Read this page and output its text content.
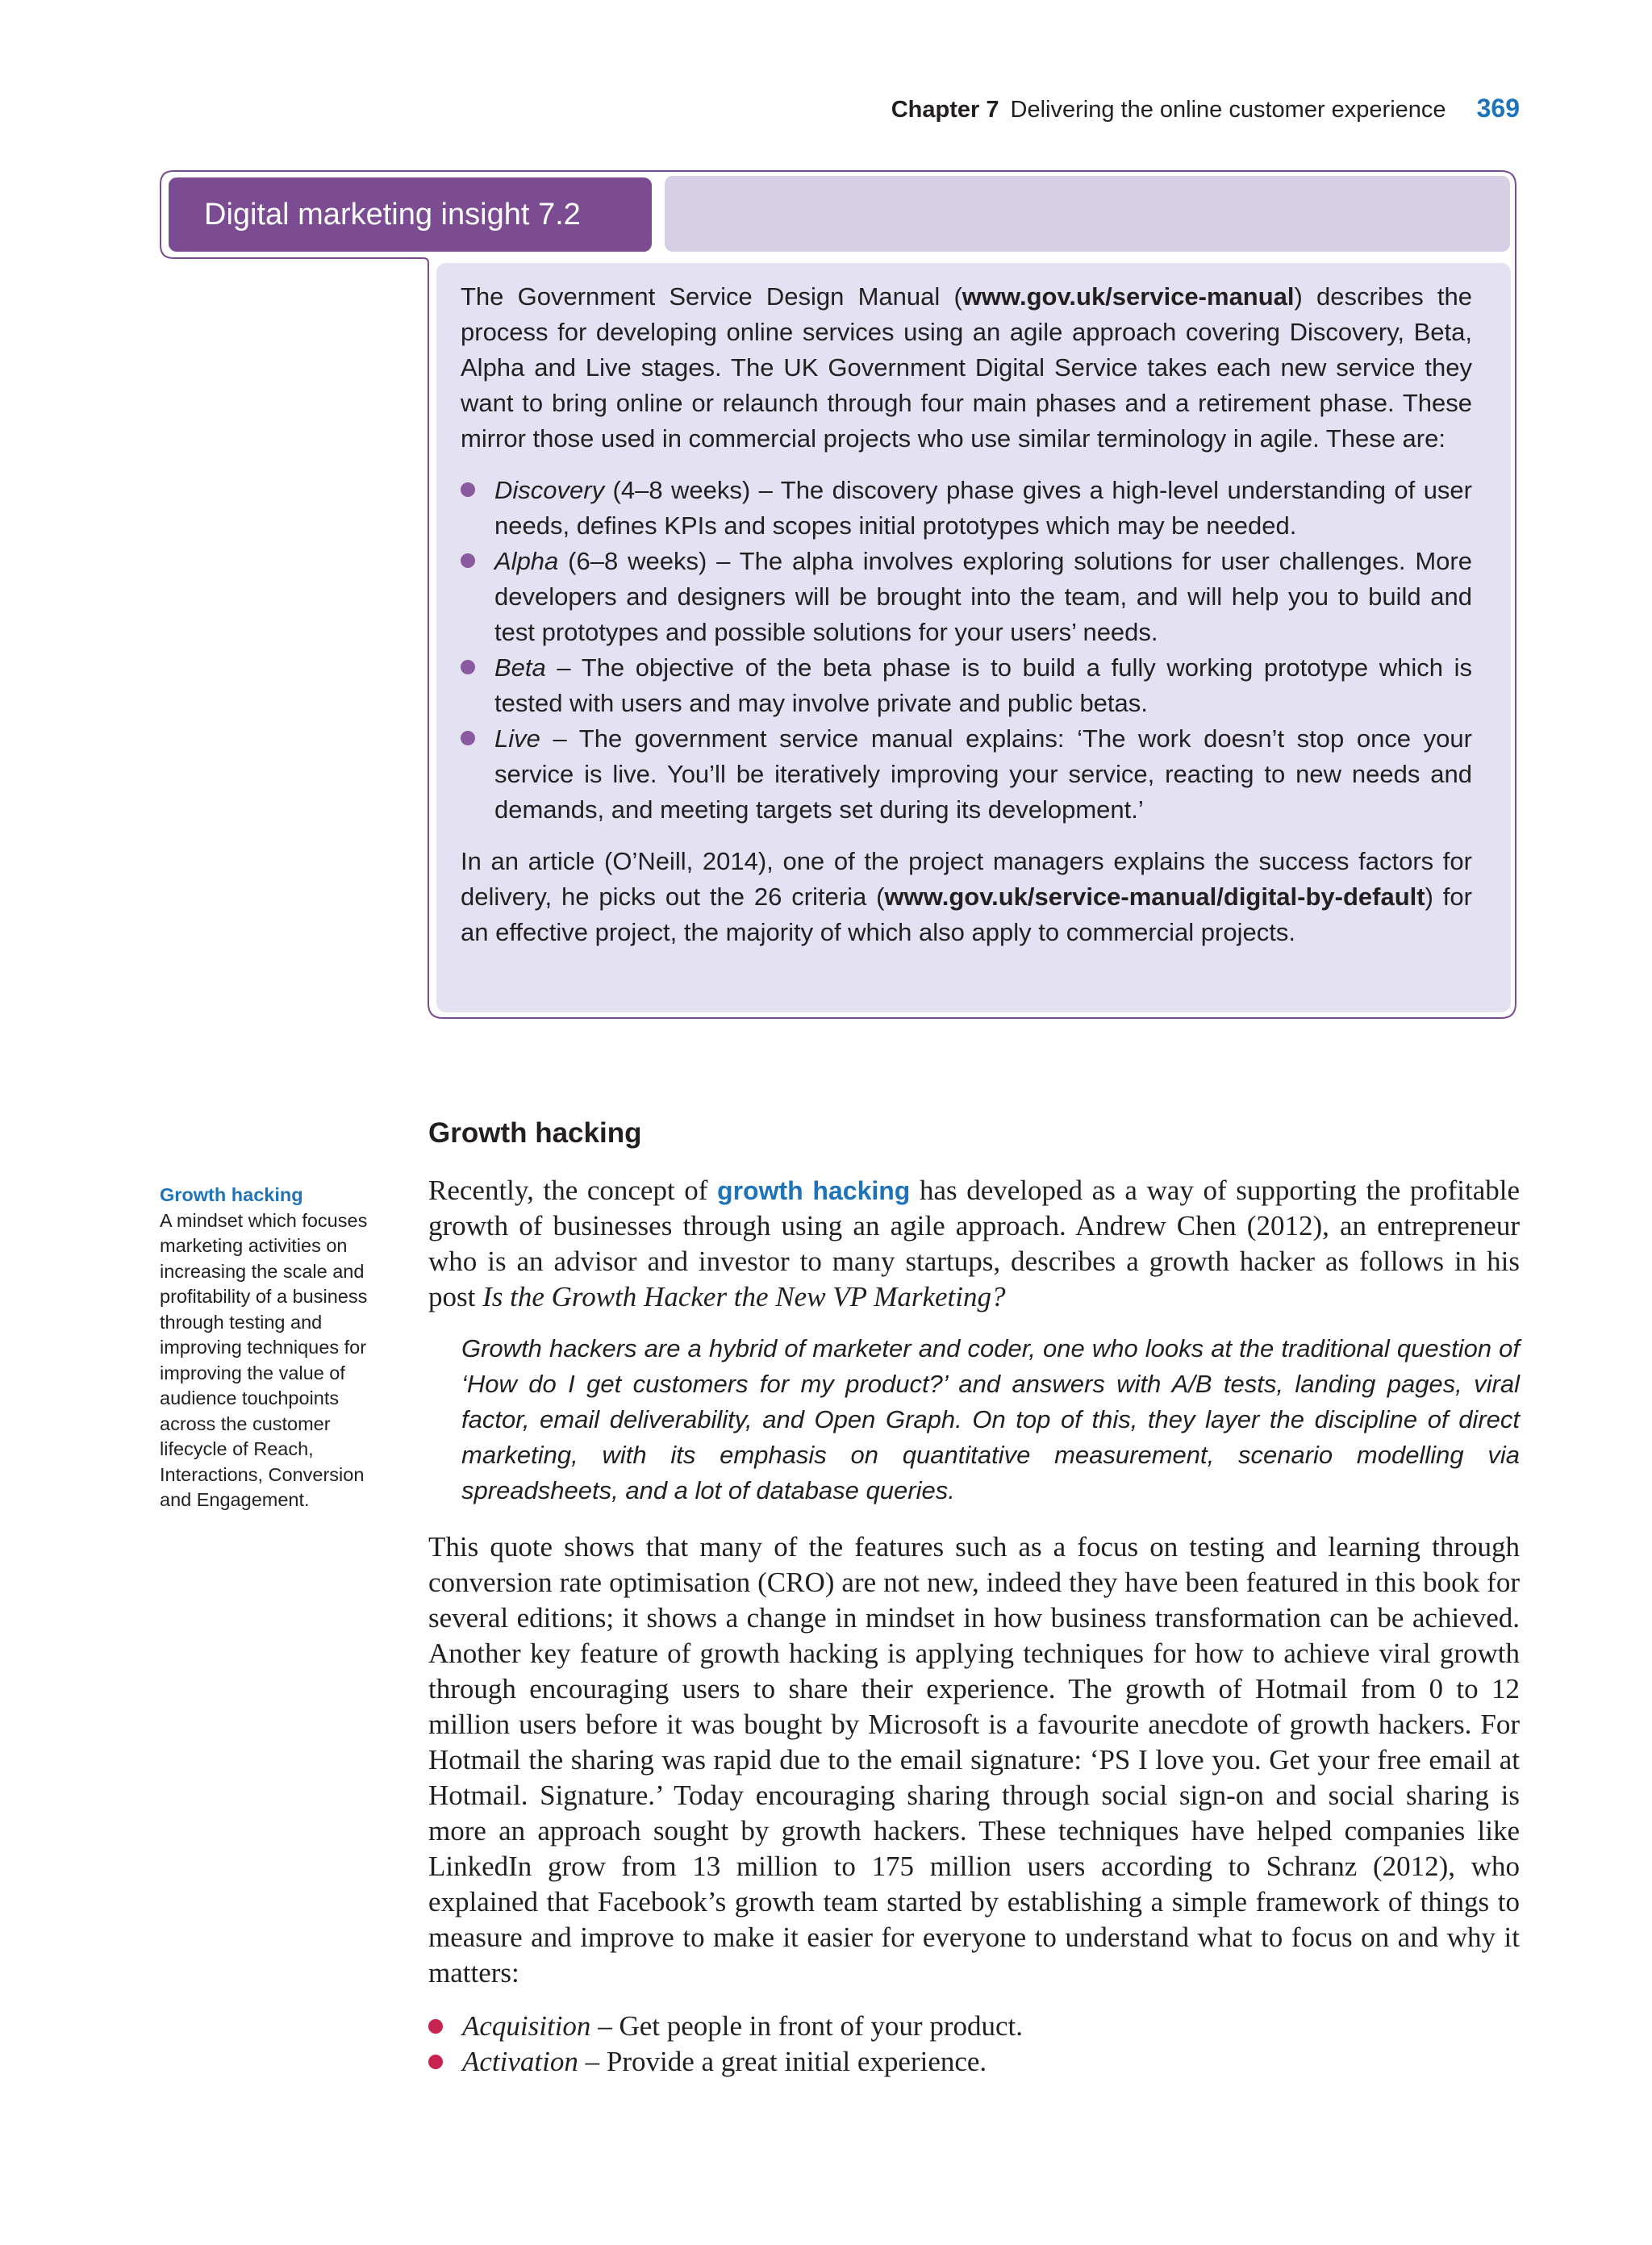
Chapter 7 Delivering the online customer experience 369
Digital marketing insight 7.2

The Government Service Design Manual (www.gov.uk/service-manual) describes the process for developing online services using an agile approach covering Discovery, Beta, Alpha and Live stages. The UK Government Digital Service takes each new service they want to bring online or relaunch through four main phases and a retirement phase. These mirror those used in commercial projects who use similar terminology in agile. These are:

Discovery (4–8 weeks) – The discovery phase gives a high-level understanding of user needs, defines KPIs and scopes initial prototypes which may be needed.
Alpha (6–8 weeks) – The alpha involves exploring solutions for user challenges. More developers and designers will be brought into the team, and will help you to build and test prototypes and possible solutions for your users’ needs.
Beta – The objective of the beta phase is to build a fully working prototype which is tested with users and may involve private and public betas.
Live – The government service manual explains: ‘The work doesn’t stop once your service is live. You’ll be iteratively improving your service, reacting to new needs and demands, and meeting targets set during its development.’

In an article (O’Neill, 2014), one of the project managers explains the success factors for delivery, he picks out the 26 criteria (www.gov.uk/service-manual/digital-by-default) for an effective project, the majority of which also apply to commercial projects.

Growth hacking
Growth hacking
A mindset which focuses marketing activities on increasing the scale and profitability of a business through testing and improving techniques for improving the value of audience touchpoints across the customer lifecycle of Reach, Interactions, Conversion and Engagement.

Recently, the concept of growth hacking has developed as a way of supporting the profitable growth of businesses through using an agile approach. Andrew Chen (2012), an entrepreneur who is an advisor and investor to many startups, describes a growth hacker as follows in his post Is the Growth Hacker the New VP Marketing?

Growth hackers are a hybrid of marketer and coder, one who looks at the traditional question of ‘How do I get customers for my product?’ and answers with A/B tests, landing pages, viral factor, email deliverability, and Open Graph. On top of this, they layer the discipline of direct marketing, with its emphasis on quantitative measurement, scenario modelling via spreadsheets, and a lot of database queries.

This quote shows that many of the features such as a focus on testing and learning through conversion rate optimisation (CRO) are not new, indeed they have been featured in this book for several editions; it shows a change in mindset in how business transformation can be achieved. Another key feature of growth hacking is applying techniques for how to achieve viral growth through encouraging users to share their experience. The growth of Hotmail from 0 to 12 million users before it was bought by Microsoft is a favourite anecdote of growth hackers. For Hotmail the sharing was rapid due to the email signature: ‘PS I love you. Get your free email at Hotmail. Signature.’ Today encouraging sharing through social sign-on and social sharing is more an approach sought by growth hackers. These techniques have helped companies like LinkedIn grow from 13 million to 175 million users according to Schranz (2012), who explained that Facebook’s growth team started by establishing a simple framework of things to measure and improve to make it easier for everyone to understand what to focus on and why it matters:

Acquisition – Get people in front of your product.
Activation – Provide a great initial experience.
